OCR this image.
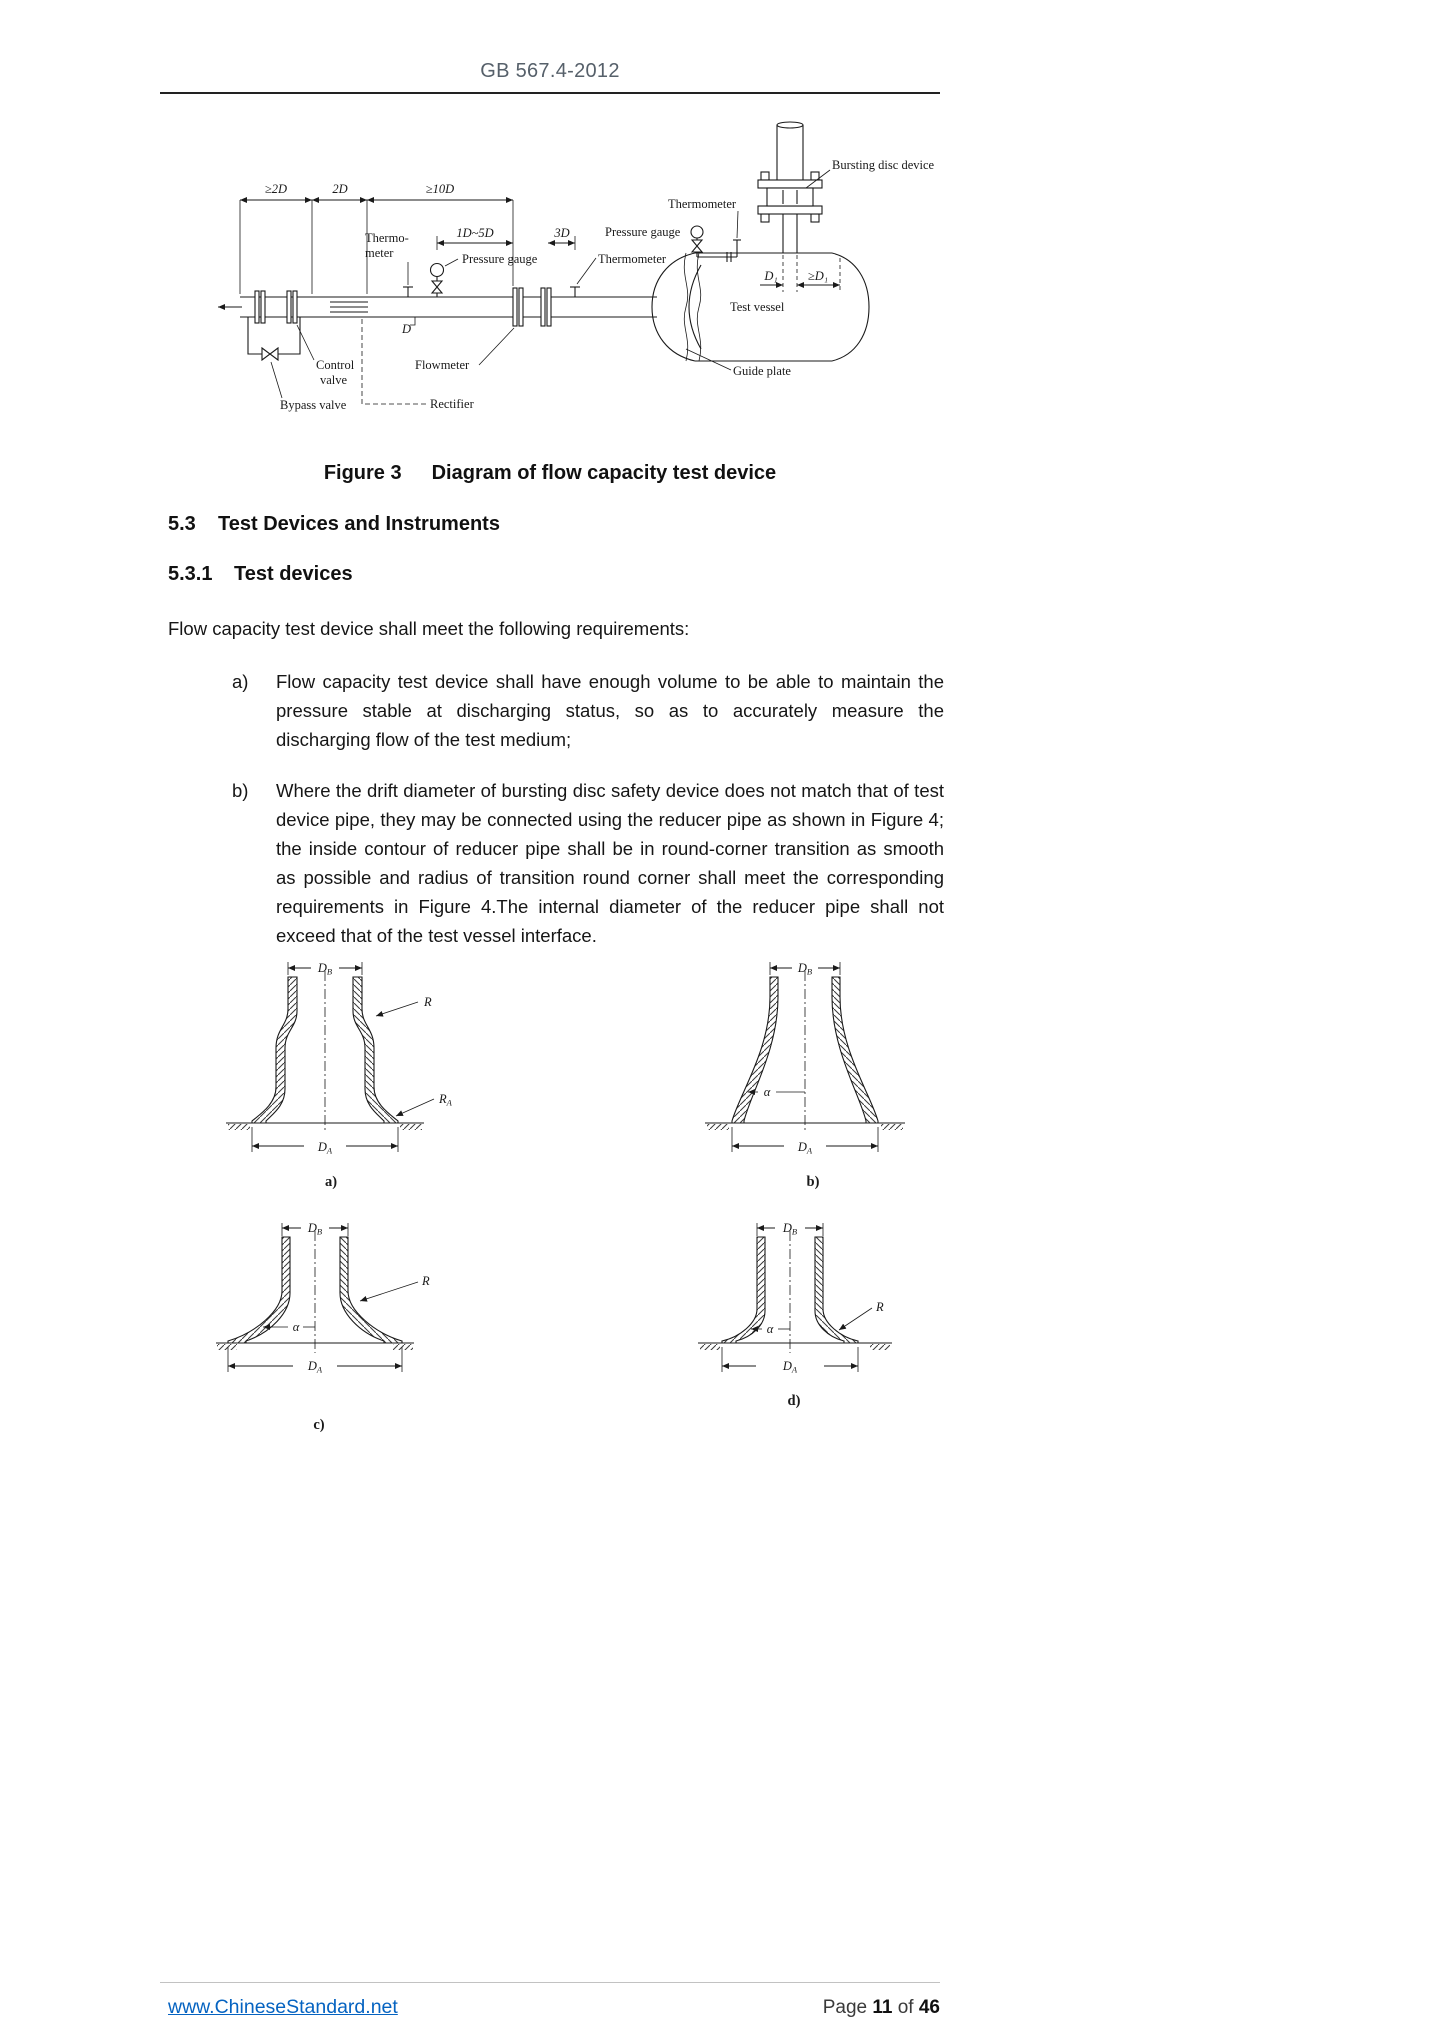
GB 567.4-2012
≥2D	2D	≥10D
1D~5D	3D
D
D₁ ≥D₁
Thermo-
meter	Pressure gauge	Thermometer
Pressure gauge
Thermometer
Bursting disc device
Test vessel
Control
valve
Flowmeter
Bypass valve	Rectifier
Guide plate
Figure 3 Diagram of flow capacity test device
5.3 Test Devices and Instruments
5.3.1 Test devices
Flow capacity test device shall meet the following requirements:
a) Flow capacity test device shall have enough volume to be able to maintain the pressure stable at discharging status, so as to accurately measure the discharging flow of the test medium;
b) Where the drift diameter of bursting disc safety device does not match that of test device pipe, they may be connected using the reducer pipe as shown in Figure 4; the inside contour of reducer pipe shall be in round-corner transition as smooth as possible and radius of transition round corner shall meet the corresponding requirements in Figure 4.The internal diameter of the reducer pipe shall not exceed that of the test vessel interface.
$D_B$
R
$R_A$
$D_A$
a)
$D_B$
α
$D_A$
b)
$D_B$
α
R
$D_A$
c)
$D_B$
α
R
$D_A$
d)
www.ChineseStandard.net	Page 11 of 46
